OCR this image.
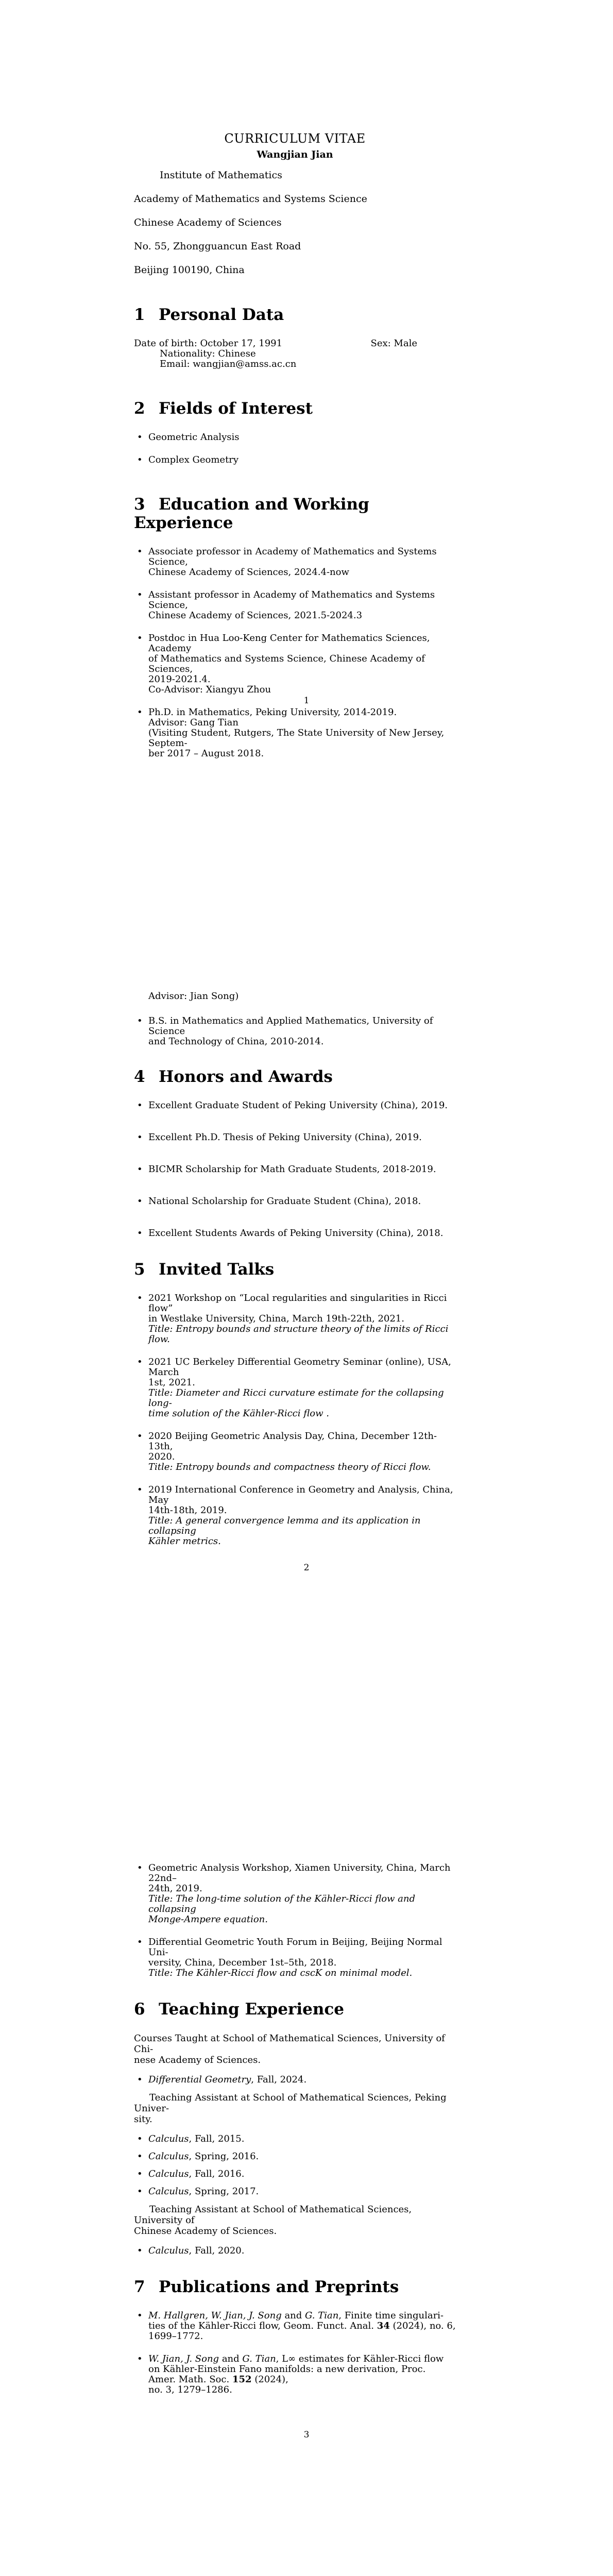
CURRICULUM VITAE
Wangjian Jian

Institute of Mathematics

Academy of Mathematics and Systems Science

Chinese Academy of Sciences

No. 55, Zhongguancun East Road

Beijing 100190, China

1 Personal Data
Date of birth: October 17, 1991	Sex: Male
Nationality: Chinese
Email: wangjian@amss.ac.cn
2 Fields of Interest
• Geometric Analysis
• Complex Geometry
3 Education and Working Experience
• Associate professor in Academy of Mathematics and Systems Science,
Chinese Academy of Sciences, 2024.4-now
• Assistant professor in Academy of Mathematics and Systems Science,
Chinese Academy of Sciences, 2021.5-2024.3
• Postdoc in Hua Loo-Keng Center for Mathematics Sciences, Academy
of Mathematics and Systems Science, Chinese Academy of Sciences,
2019-2021.4.
Co-Advisor: Xiangyu Zhou
• Ph.D. in Mathematics, Peking University, 2014-2019.
Advisor: Gang Tian
(Visiting Student, Rutgers, The State University of New Jersey, Septem-
ber 2017 – August 2018.
1
Advisor: Jian Song)
• B.S. in Mathematics and Applied Mathematics, University of Science
and Technology of China, 2010-2014.
4 Honors and Awards
• Excellent Graduate Student of Peking University (China), 2019.
• Excellent Ph.D. Thesis of Peking University (China), 2019.
• BICMR Scholarship for Math Graduate Students, 2018-2019.
• National Scholarship for Graduate Student (China), 2018.
• Excellent Students Awards of Peking University (China), 2018.
5 Invited Talks
• 2021 Workshop on “Local regularities and singularities in Ricci flow”
in Westlake University, China, March 19th-22th, 2021.
Title: Entropy bounds and structure theory of the limits of Ricci flow.
• 2021 UC Berkeley Differential Geometry Seminar (online), USA, March
1st, 2021.
Title: Diameter and Ricci curvature estimate for the collapsing long-
time solution of the Kähler-Ricci flow .
• 2020 Beijing Geometric Analysis Day, China, December 12th-13th,
2020.
Title: Entropy bounds and compactness theory of Ricci flow.
• 2019 International Conference in Geometry and Analysis, China, May
14th-18th, 2019.
Title: A general convergence lemma and its application in collapsing
Kähler metrics.
2
• Geometric Analysis Workshop, Xiamen University, China, March 22nd–
24th, 2019.
Title: The long-time solution of the Kähler-Ricci flow and collapsing
Monge-Ampere equation.
• Differential Geometric Youth Forum in Beijing, Beijing Normal Uni-
versity, China, December 1st–5th, 2018.
Title: The Kähler-Ricci flow and cscK on minimal model.
6 Teaching Experience
Courses Taught at School of Mathematical Sciences, University of Chi-
nese Academy of Sciences.
• Differential Geometry, Fall, 2024.
Teaching Assistant at School of Mathematical Sciences, Peking Univer-
sity.
• Calculus, Fall, 2015.
• Calculus, Spring, 2016.
• Calculus, Fall, 2016.
• Calculus, Spring, 2017.
Teaching Assistant at School of Mathematical Sciences, University of
Chinese Academy of Sciences.
• Calculus, Fall, 2020.
7 Publications and Preprints
• M. Hallgren, W. Jian, J. Song and G. Tian, Finite time singulari-ties of the Kähler-Ricci flow, Geom. Funct. Anal. 34 (2024), no. 6,
1699–1772.
• W. Jian, J. Song and G. Tian, L∞ estimates for Kähler-Ricci flow on Kähler-Einstein Fano manifolds: a new derivation, Proc. Amer. Math. Soc. 152 (2024),
no. 3, 1279–1286.
3
